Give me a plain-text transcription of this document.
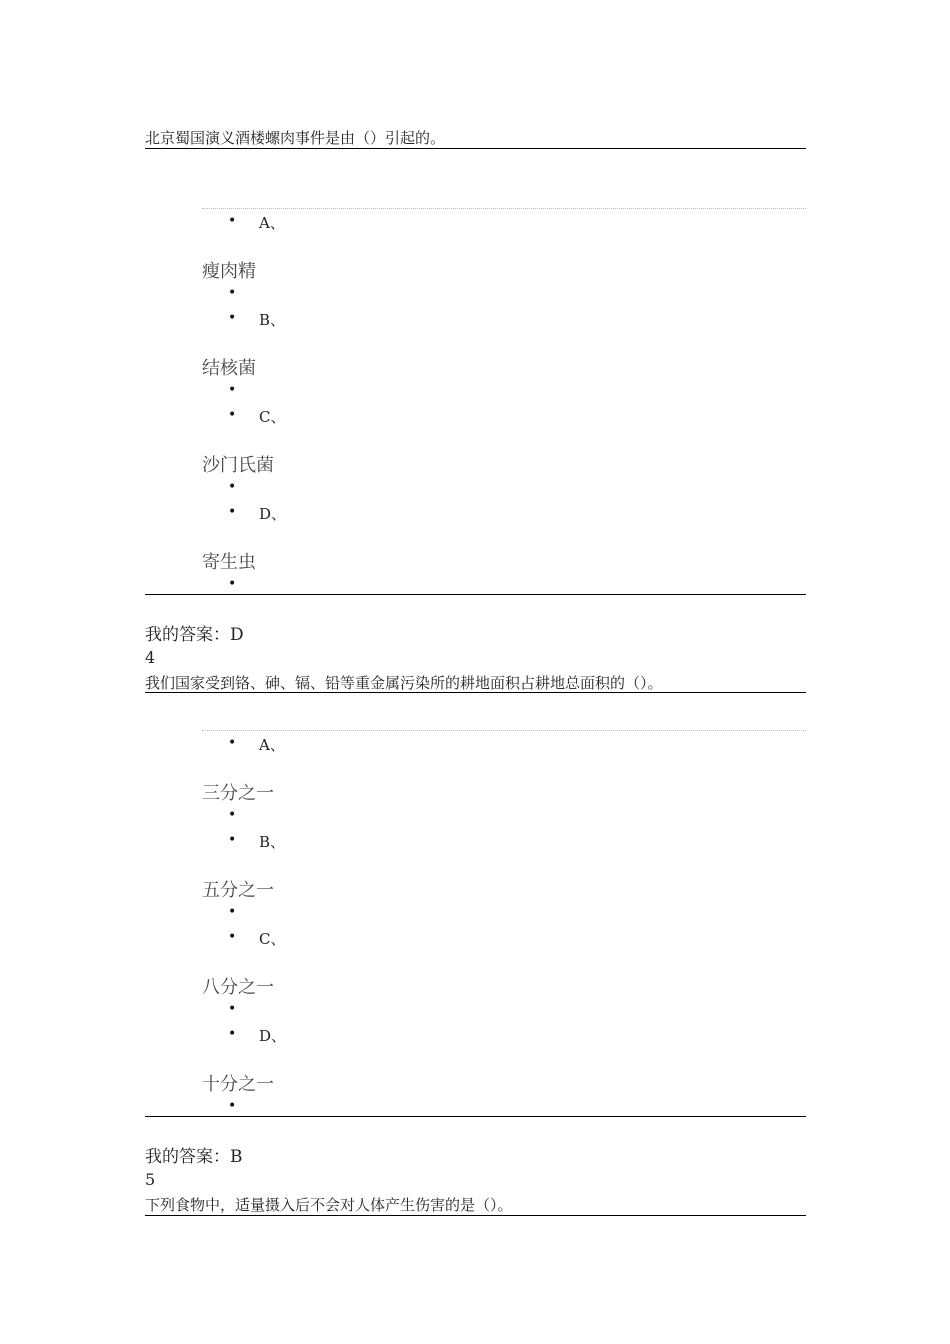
北京蜀国演义酒楼螺肉事件是由（）引起的。
• A、
瘦肉精
•
• B、
结核菌
•
• C、
沙门氏菌
•
• D、
寄生虫
•
我的答案：D
4
我们国家受到铬、砷、镉、铅等重金属污染所的耕地面积占耕地总面积的（）。
• A、
三分之一
•
• B、
五分之一
•
• C、
八分之一
•
• D、
十分之一
•
我的答案：B
5
下列食物中，适量摄入后不会对人体产生伤害的是（）。
